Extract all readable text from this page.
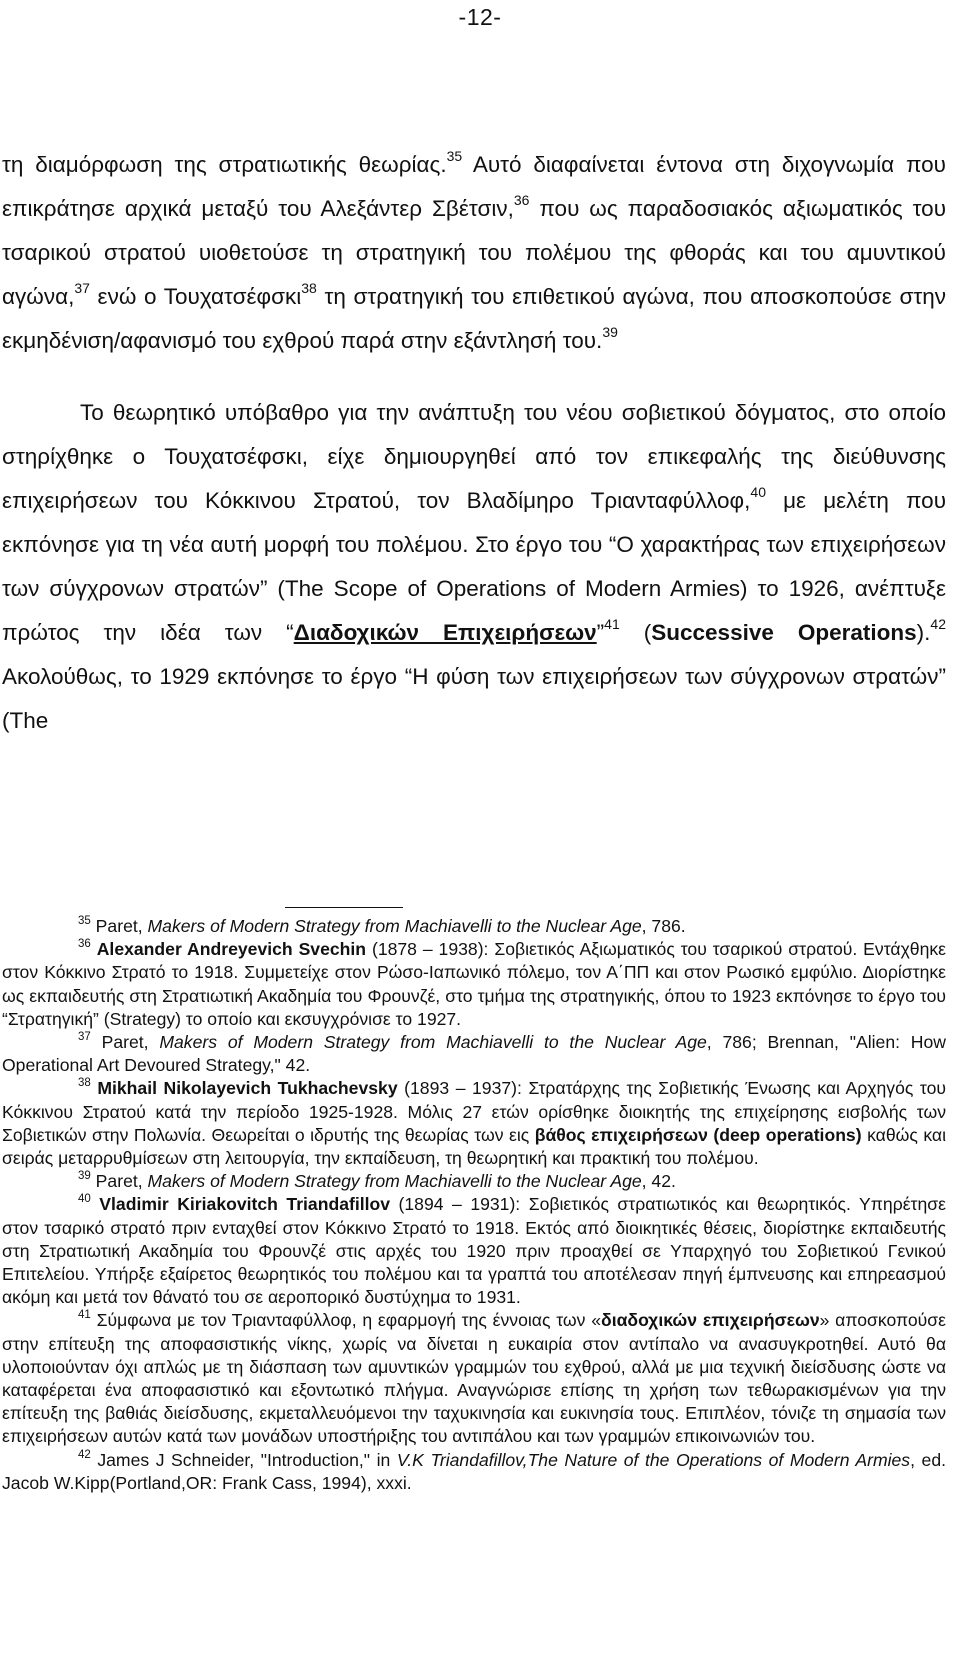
-12-

τη διαμόρφωση της στρατιωτικής θεωρίας.$^{35}$ Αυτό διαφαίνεται έντονα στη διχογνωμία που επικράτησε αρχικά μεταξύ του Αλεξάντερ Σβέτσιν,$^{36}$ που ως παραδοσιακός αξιωματικός του τσαρικού στρατού υιοθετούσε τη στρατηγική του πολέμου της φθοράς και του αμυντικού αγώνα,$^{37}$ ενώ ο Τουχατσέφσκι$^{38}$ τη στρατηγική του επιθετικού αγώνα, που αποσκοπούσε στην εκμηδένιση/αφανισμό του εχθρού παρά στην εξάντλησή του.$^{39}$

Το θεωρητικό υπόβαθρο για την ανάπτυξη του νέου σοβιετικού δόγματος, στο οποίο στηρίχθηκε ο Τουχατσέφσκι, είχε δημιουργηθεί από τον επικεφαλής της διεύθυνσης επιχειρήσεων του Κόκκινου Στρατού, τον Βλαδίμηρο Τριανταφύλλοφ,$^{40}$ με μελέτη που εκπόνησε για τη νέα αυτή μορφή του πολέμου. Στο έργο του “Ο χαρακτήρας των επιχειρήσεων των σύγχρονων στρατών” (The Scope of Operations of Modern Armies) το 1926, ανέπτυξε πρώτος την ιδέα των “Διαδοχικών Επιχειρήσεων”$^{41}$ (Successive Operations).$^{42}$ Ακολούθως, το 1929 εκπόνησε το έργο “Η φύση των επιχειρήσεων των σύγχρονων στρατών” (The

$^{35}$ Paret, Makers of Modern Strategy from Machiavelli to the Nuclear Age, 786.

$^{36}$ Alexander Andreyevich Svechin (1878 – 1938): Σοβιετικός Αξιωματικός του τσαρικού στρατού. Εντάχθηκε στον Κόκκινο Στρατό το 1918. Συμμετείχε στον Ρώσο-Ιαπωνικό πόλεμο, τον Α΄ΠΠ και στον Ρωσικό εμφύλιο. Διορίστηκε ως εκπαιδευτής στη Στρατιωτική Ακαδημία του Φρουνζέ, στο τμήμα της στρατηγικής, όπου το 1923 εκπόνησε το έργο του “Στρατηγική” (Strategy) το οποίο και εκσυγχρόνισε το 1927.

$^{37}$ Paret, Makers of Modern Strategy from Machiavelli to the Nuclear Age, 786; Brennan, "Alien: How Operational Art Devoured Strategy," 42.

$^{38}$ Mikhail Nikolayevich Tukhachevsky (1893 – 1937): Στρατάρχης της Σοβιετικής Ένωσης και Αρχηγός του Κόκκινου Στρατού κατά την περίοδο 1925-1928. Μόλις 27 ετών ορίσθηκε διοικητής της επιχείρησης εισβολής των Σοβιετικών στην Πολωνία. Θεωρείται ο ιδρυτής της θεωρίας των εις βάθος επιχειρήσεων (deep operations) καθώς και σειράς μεταρρυθμίσεων στη λειτουργία, την εκπαίδευση, τη θεωρητική και πρακτική του πολέμου.

$^{39}$ Paret, Makers of Modern Strategy from Machiavelli to the Nuclear Age, 42.

$^{40}$ Vladimir Kiriakovitch Triandafillov (1894 – 1931): Σοβιετικός στρατιωτικός και θεωρητικός. Υπηρέτησε στον τσαρικό στρατό πριν ενταχθεί στον Κόκκινο Στρατό το 1918. Εκτός από διοικητικές θέσεις, διορίστηκε εκπαιδευτής στη Στρατιωτική Ακαδημία του Φρουνζέ στις αρχές του 1920 πριν προαχθεί σε Υπαρχηγό του Σοβιετικού Γενικού Επιτελείου. Υπήρξε εξαίρετος θεωρητικός του πολέμου και τα γραπτά του αποτέλεσαν πηγή έμπνευσης και επηρεασμού ακόμη και μετά τον θάνατό του σε αεροπορικό δυστύχημα το 1931.

$^{41}$ Σύμφωνα με τον Τριανταφύλλοφ, η εφαρμογή της έννοιας των «διαδοχικών επιχειρήσεων» αποσκοπούσε στην επίτευξη της αποφασιστικής νίκης, χωρίς να δίνεται η ευκαιρία στον αντίπαλο να ανασυγκροτηθεί. Αυτό θα υλοποιούνταν όχι απλώς με τη διάσπαση των αμυντικών γραμμών του εχθρού, αλλά με μια τεχνική διείσδυσης ώστε να καταφέρεται ένα αποφασιστικό και εξοντωτικό πλήγμα. Αναγνώρισε επίσης τη χρήση των τεθωρακισμένων για την επίτευξη της βαθιάς διείσδυσης, εκμεταλλευόμενοι την ταχυκινησία και ευκινησία τους. Επιπλέον, τόνιζε τη σημασία των επιχειρήσεων αυτών κατά των μονάδων υποστήριξης του αντιπάλου και των γραμμών επικοινωνιών του.

$^{42}$ James J Schneider, "Introduction," in V.K Triandafillov,The Nature of the Operations of Modern Armies, ed. Jacob W.Kipp(Portland,OR: Frank Cass, 1994), xxxi.
